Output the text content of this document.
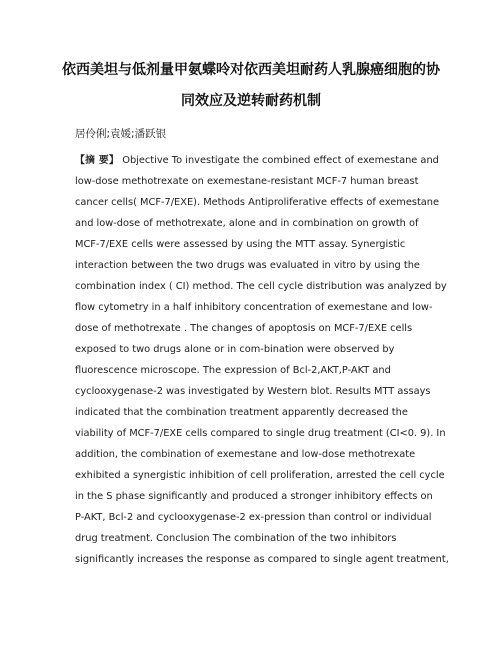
依西美坦与低剂量甲氨蝶呤对依西美坦耐药人乳腺癌细胞的协
同效应及逆转耐药机制
居伶俐;袁媛;潘跃银
【摘 要】 Objective To investigate the combined effect of exemestane and
low-dose methotrexate on exemestane-resistant MCF-7 human breast
cancer cells( MCF-7/EXE). Methods Antiproliferative effects of exemestane
and low-dose of methotrexate, alone and in combination on growth of
MCF-7/EXE cells were assessed by using the MTT assay. Synergistic
interaction between the two drugs was evaluated in vitro by using the
combination index ( CI) method. The cell cycle distribution was analyzed by
flow cytometry in a half inhibitory concentration of exemestane and low-
dose of methotrexate . The changes of apoptosis on MCF-7/EXE cells
exposed to two drugs alone or in com-bination were observed by
fluorescence microscope. The expression of Bcl-2,AKT,P-AKT and
cyclooxygenase-2 was investigated by Western blot. Results MTT assays
indicated that the combination treatment apparently decreased the
viability of MCF-7/EXE cells compared to single drug treatment (CI<0. 9). In
addition, the combination of exemestane and low-dose methotrexate
exhibited a synergistic inhibition of cell proliferation, arrested the cell cycle
in the S phase significantly and produced a stronger inhibitory effects on
P-AKT, Bcl-2 and cyclooxygenase-2 ex-pression than control or individual
drug treatment. Conclusion The combination of the two inhibitors
significantly increases the response as compared to single agent treatment,
